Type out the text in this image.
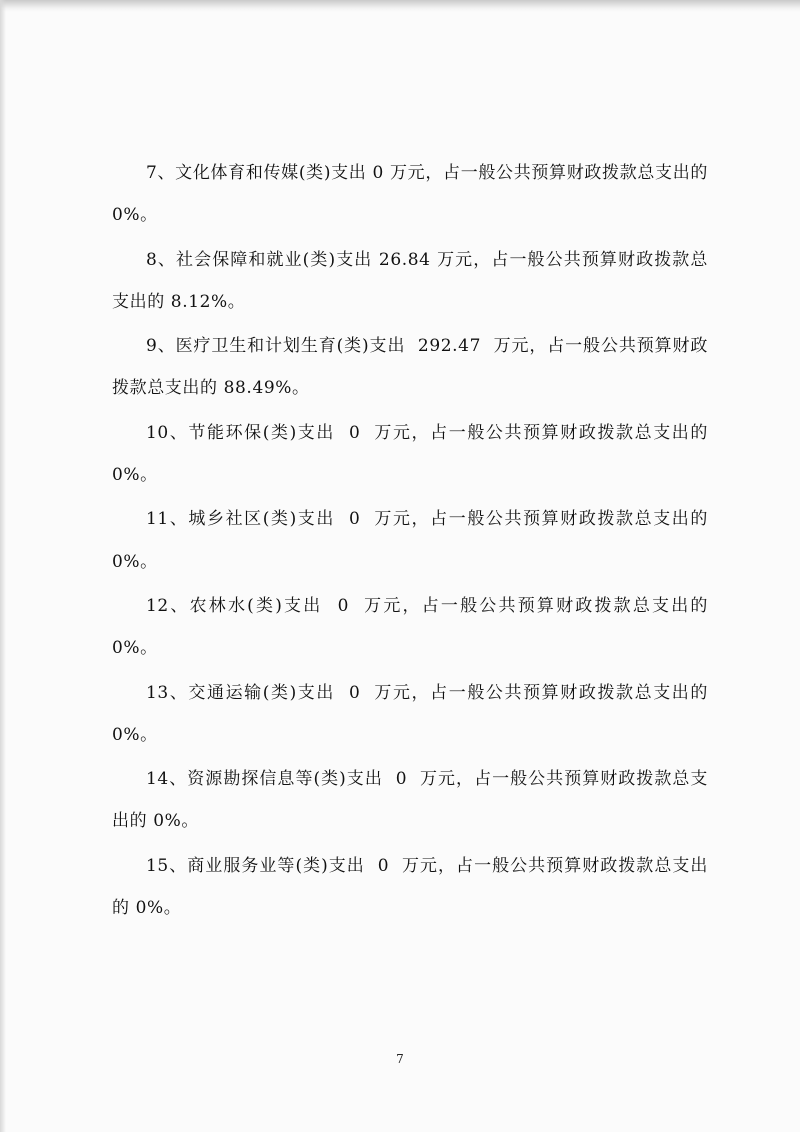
7、文化体育和传媒(类)支出 0 万元，占一般公共预算财政拨款总支出的 0%。

8、社会保障和就业(类)支出 26.84 万元，占一般公共预算财政拨款总支出的 8.12%。

9、医疗卫生和计划生育(类)支出  292.47  万元，占一般公共预算财政拨款总支出的 88.49%。

10、节能环保(类)支出  0  万元，占一般公共预算财政拨款总支出的 0%。

11、城乡社区(类)支出  0  万元，占一般公共预算财政拨款总支出的 0%。

12、农林水(类)支出  0  万元，占一般公共预算财政拨款总支出的 0%。

13、交通运输(类)支出  0  万元，占一般公共预算财政拨款总支出的 0%。

14、资源勘探信息等(类)支出  0  万元，占一般公共预算财政拨款总支出的 0%。

15、商业服务业等(类)支出  0  万元，占一般公共预算财政拨款总支出的 0%。

7
